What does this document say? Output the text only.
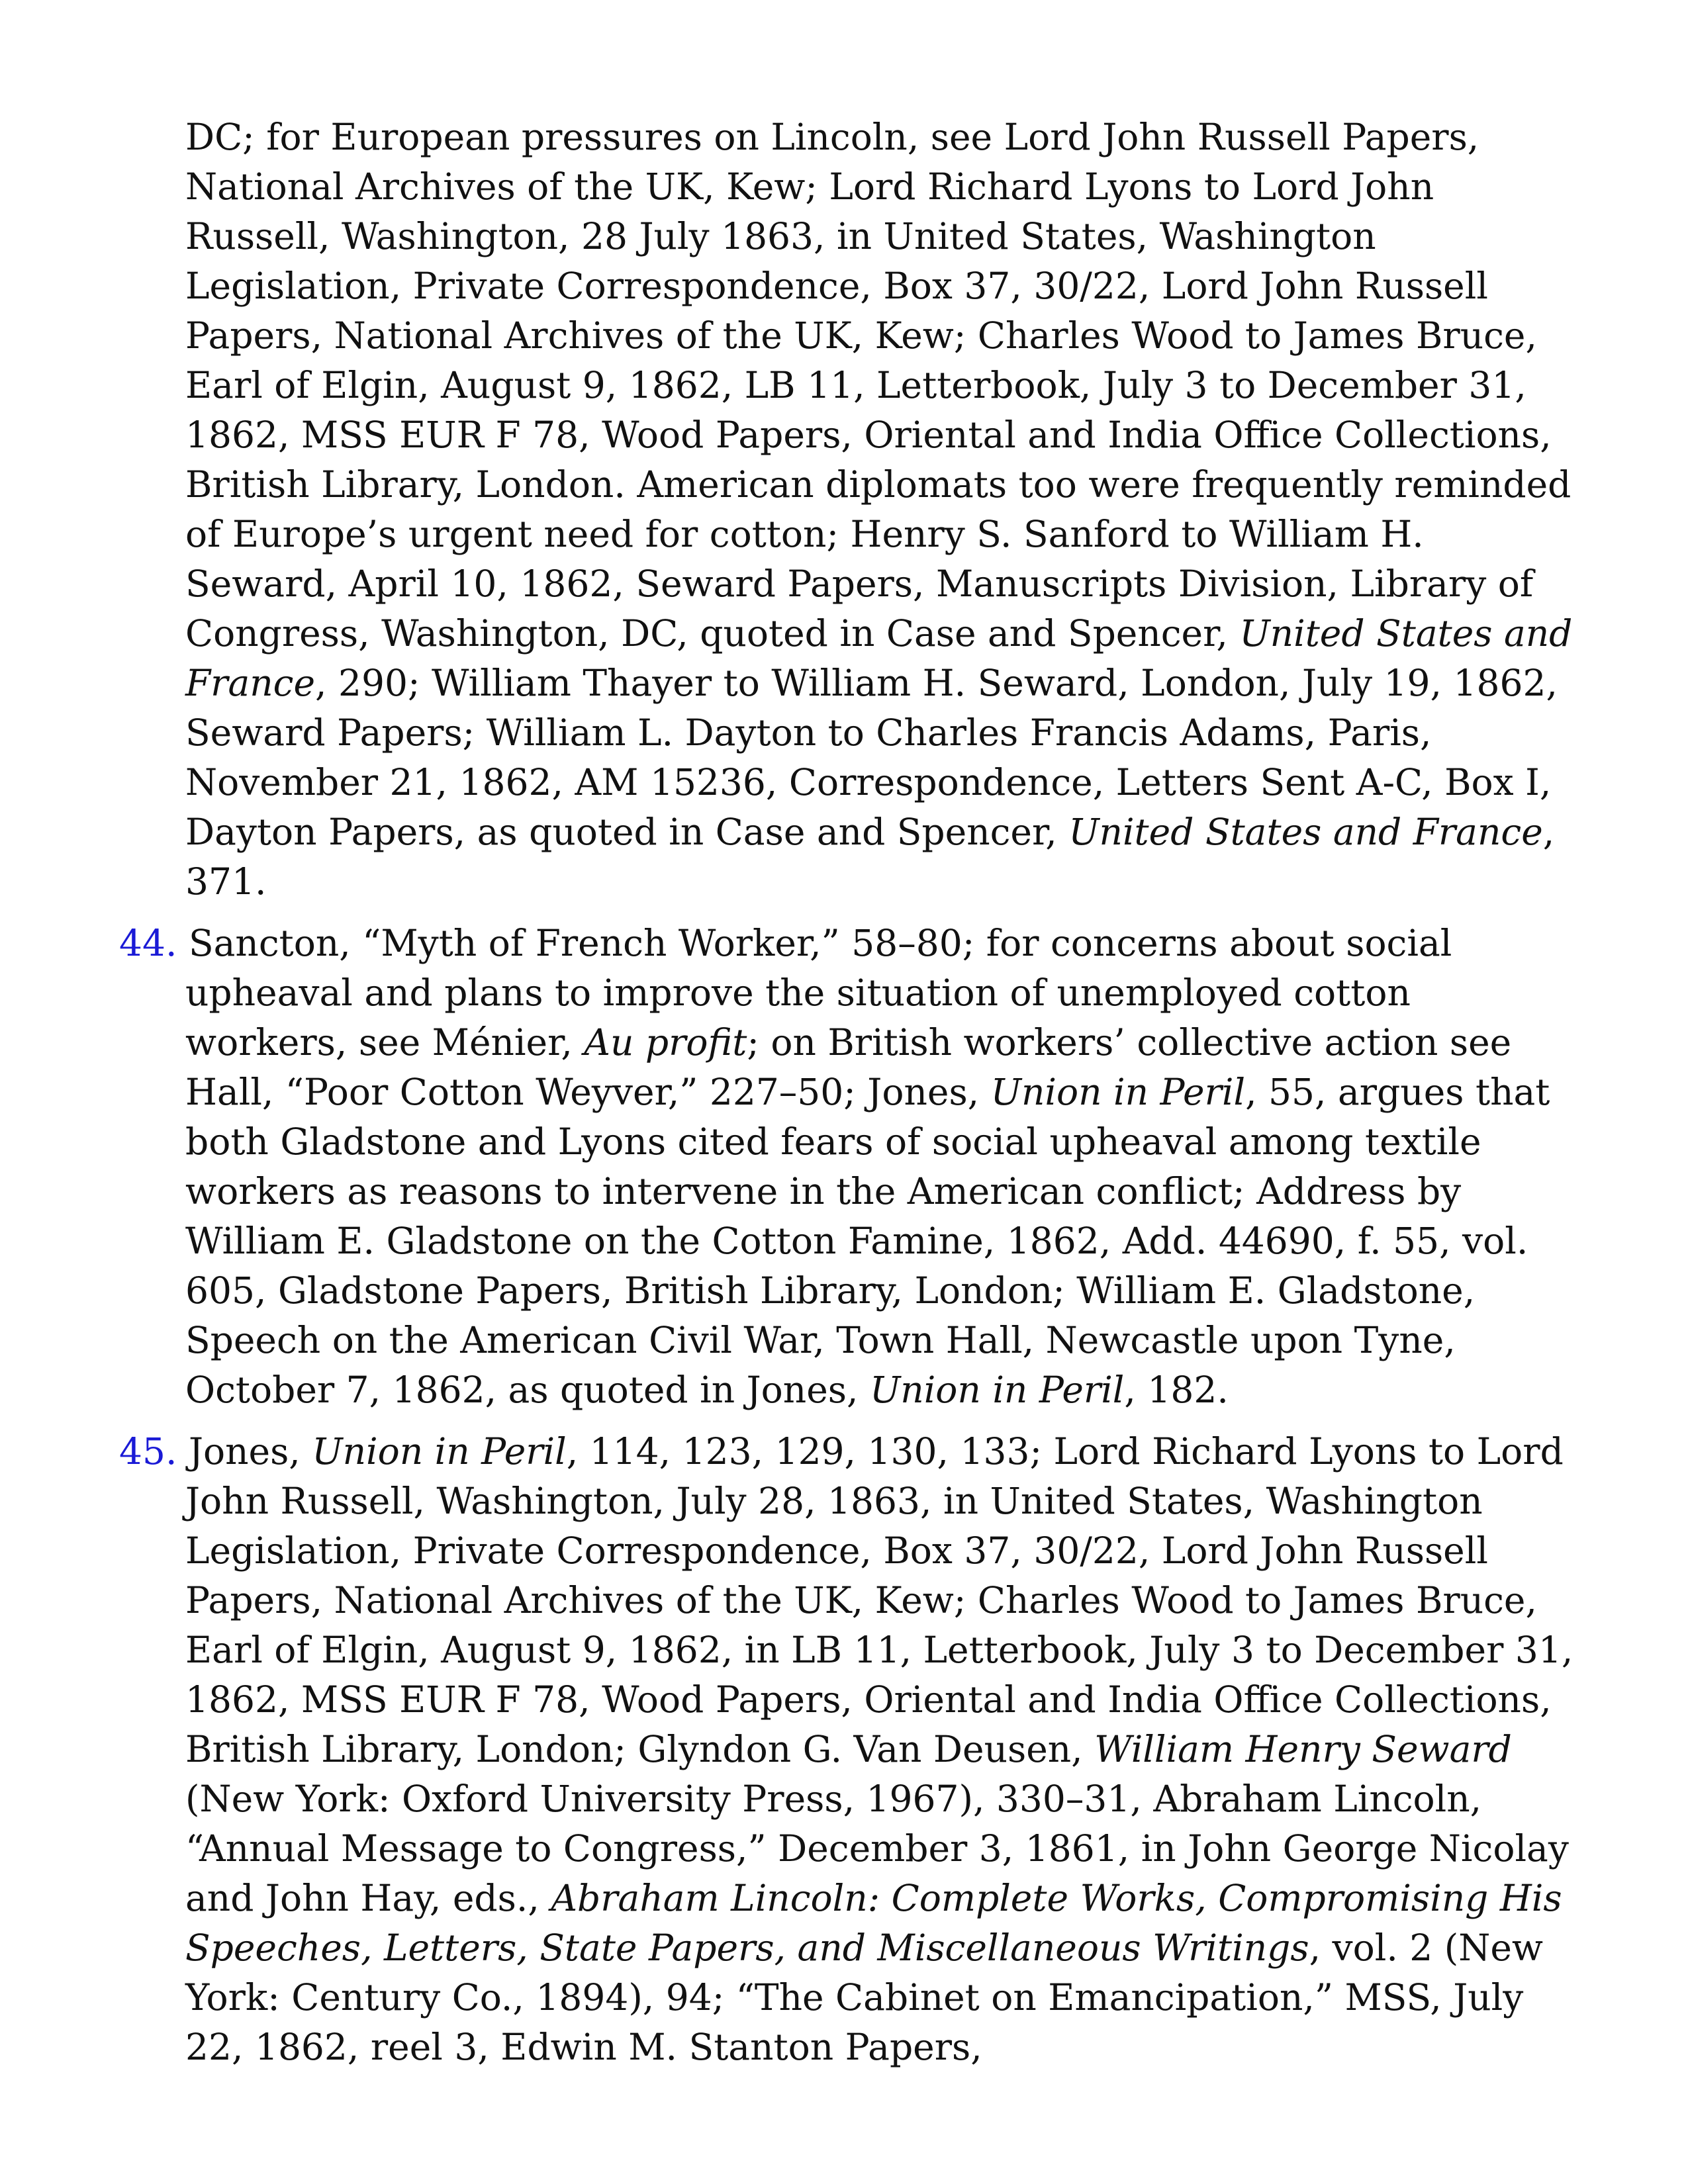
DC; for European pressures on Lincoln, see Lord John Russell Papers, National Archives of the UK, Kew; Lord Richard Lyons to Lord John Russell, Washington, 28 July 1863, in United States, Washington Legislation, Private Correspondence, Box 37, 30/22, Lord John Russell Papers, National Archives of the UK, Kew; Charles Wood to James Bruce, Earl of Elgin, August 9, 1862, LB 11, Letterbook, July 3 to December 31, 1862, MSS EUR F 78, Wood Papers, Oriental and India Office Collections, British Library, London. American diplomats too were frequently reminded of Europe’s urgent need for cotton; Henry S. Sanford to William H. Seward, April 10, 1862, Seward Papers, Manuscripts Division, Library of Congress, Washington, DC, quoted in Case and Spencer, United States and France, 290; William Thayer to William H. Seward, London, July 19, 1862, Seward Papers; William L. Dayton to Charles Francis Adams, Paris, November 21, 1862, AM 15236, Correspondence, Letters Sent A-C, Box I, Dayton Papers, as quoted in Case and Spencer, United States and France, 371.

44. Sancton, “Myth of French Worker,” 58–80; for concerns about social upheaval and plans to improve the situation of unemployed cotton workers, see Ménier, Au profit; on British workers’ collective action see Hall, “Poor Cotton Weyver,” 227–50; Jones, Union in Peril, 55, argues that both Gladstone and Lyons cited fears of social upheaval among textile workers as reasons to intervene in the American conflict; Address by William E. Gladstone on the Cotton Famine, 1862, Add. 44690, f. 55, vol. 605, Gladstone Papers, British Library, London; William E. Gladstone, Speech on the American Civil War, Town Hall, Newcastle upon Tyne, October 7, 1862, as quoted in Jones, Union in Peril, 182.

45. Jones, Union in Peril, 114, 123, 129, 130, 133; Lord Richard Lyons to Lord John Russell, Washington, July 28, 1863, in United States, Washington Legislation, Private Correspondence, Box 37, 30/22, Lord John Russell Papers, National Archives of the UK, Kew; Charles Wood to James Bruce, Earl of Elgin, August 9, 1862, in LB 11, Letterbook, July 3 to December 31, 1862, MSS EUR F 78, Wood Papers, Oriental and India Office Collections, British Library, London; Glyndon G. Van Deusen, William Henry Seward (New York: Oxford University Press, 1967), 330–31, Abraham Lincoln, “Annual Message to Congress,” December 3, 1861, in John George Nicolay and John Hay, eds., Abraham Lincoln: Complete Works, Compromising His Speeches, Letters, State Papers, and Miscellaneous Writings, vol. 2 (New York: Century Co., 1894), 94; “The Cabinet on Emancipation,” MSS, July 22, 1862, reel 3, Edwin M. Stanton Papers,
